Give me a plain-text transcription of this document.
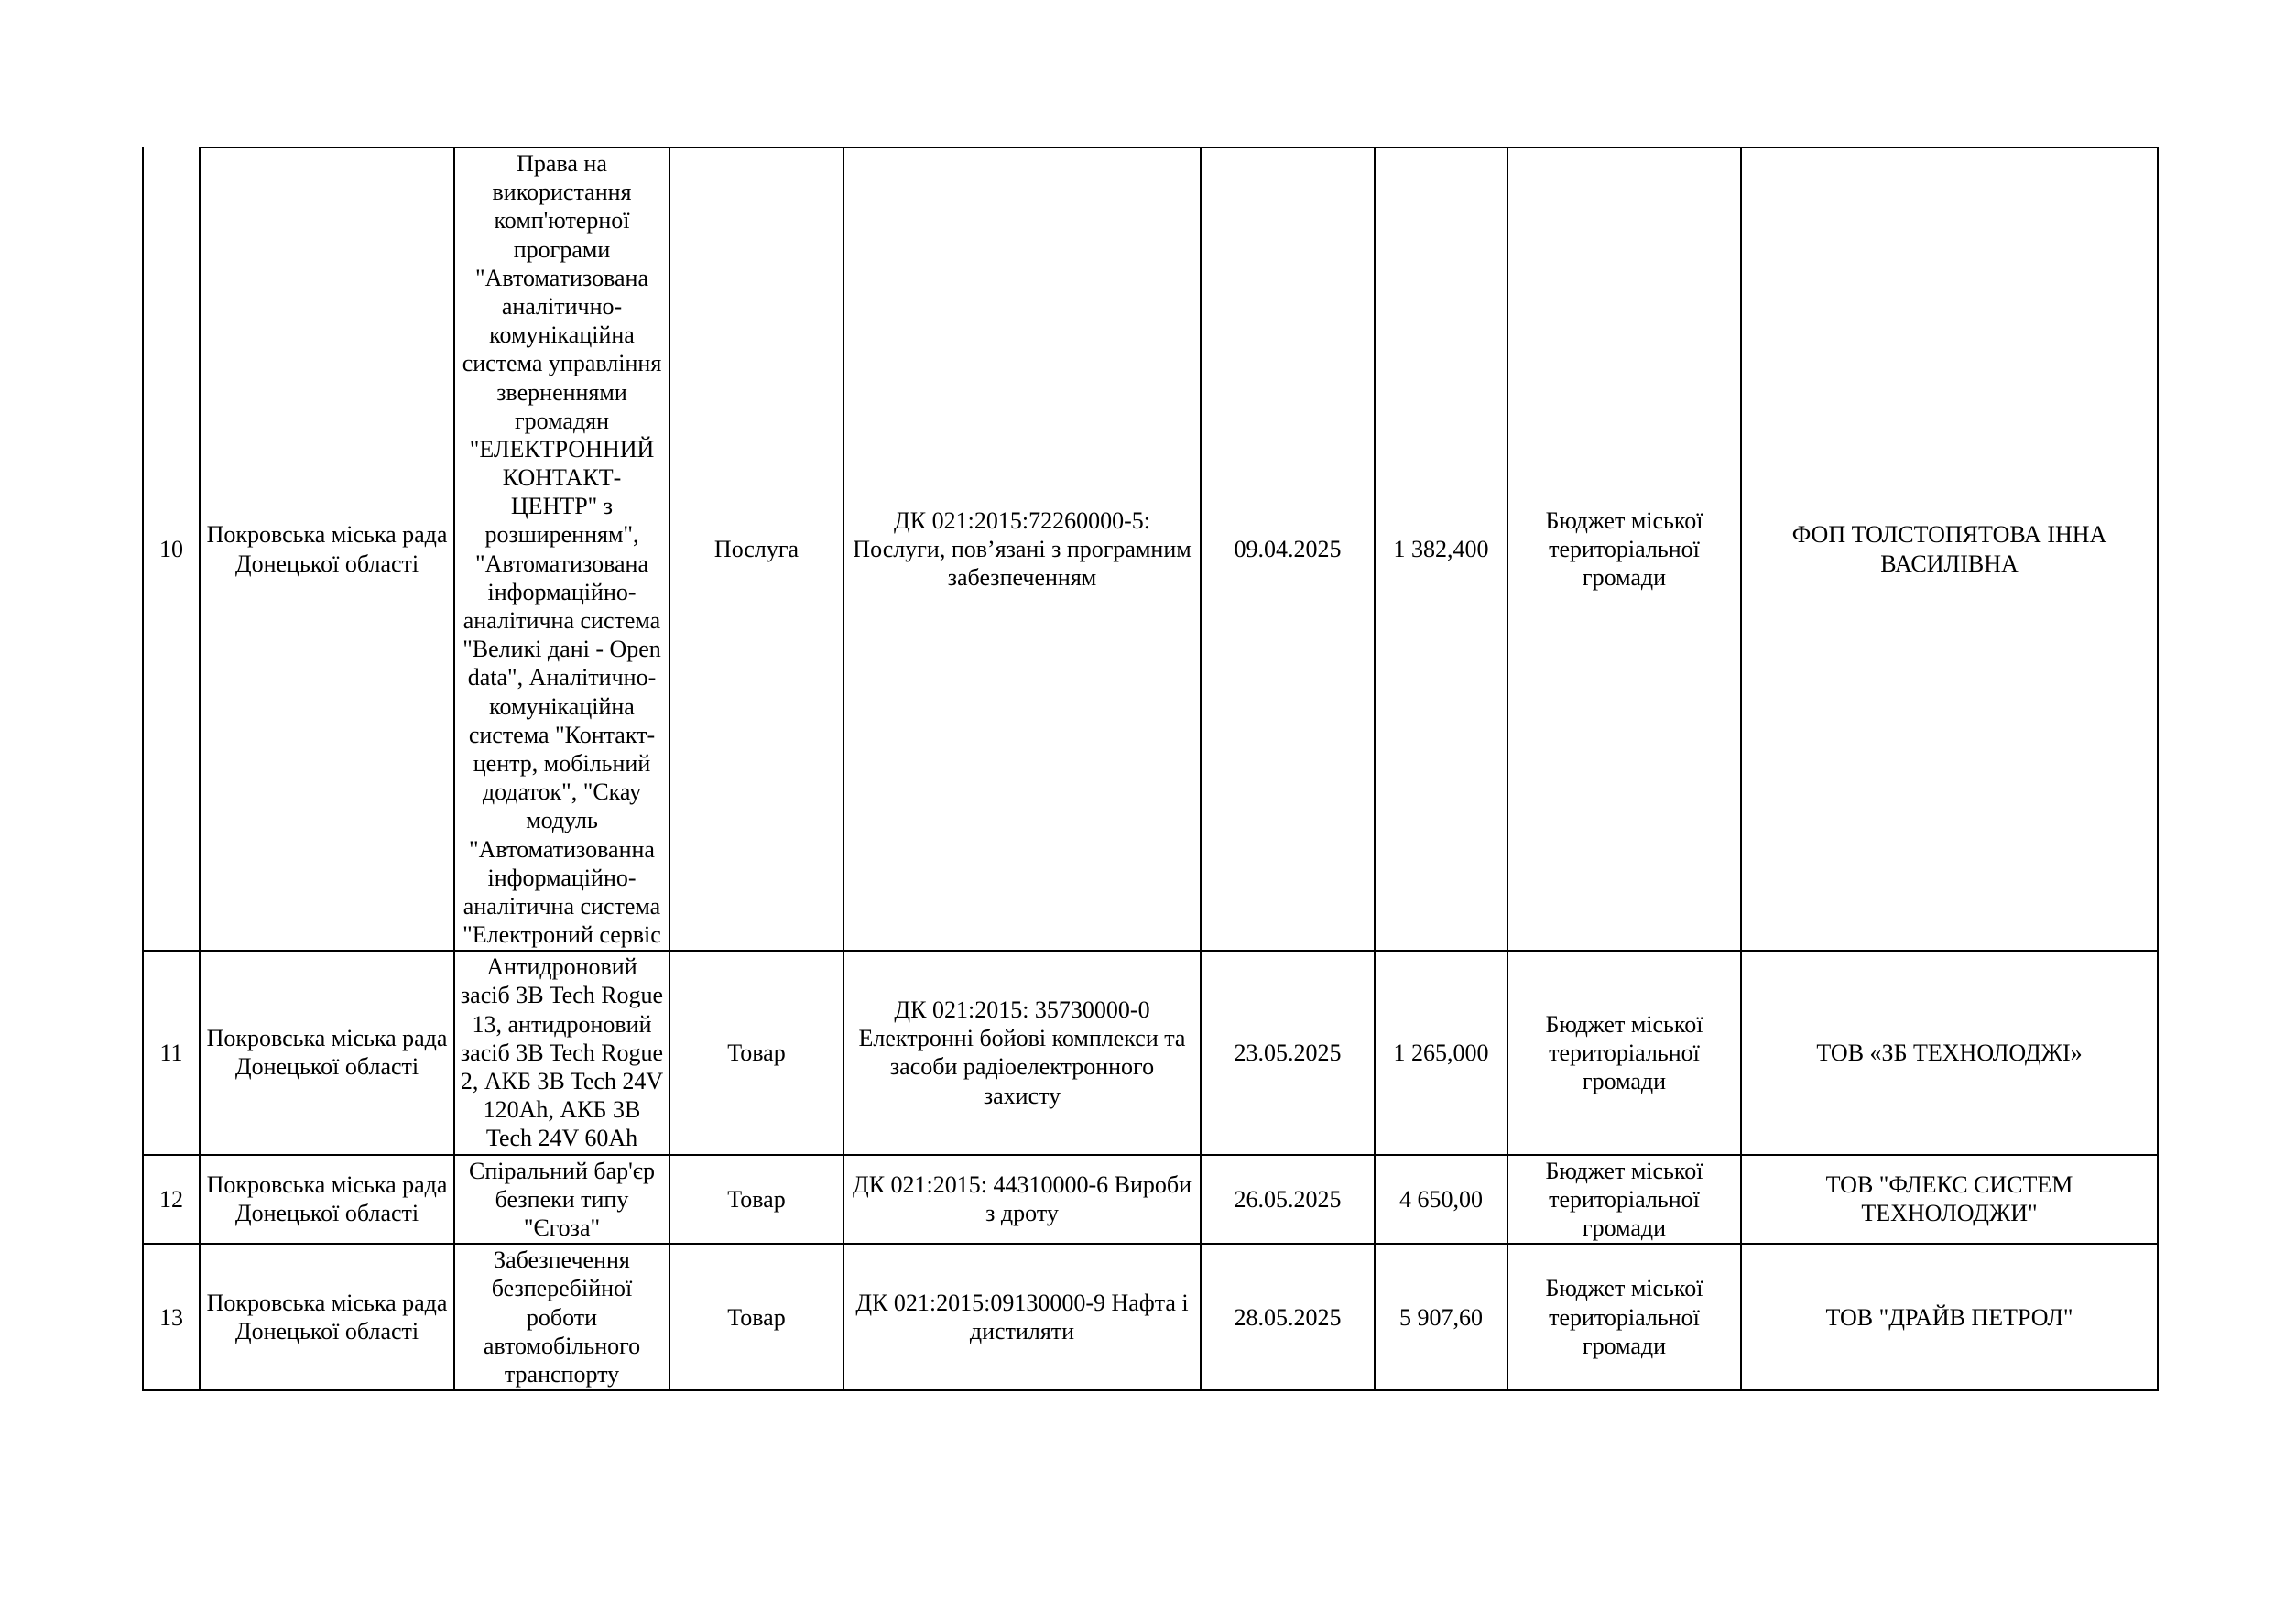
10	Покровська міська рада Донецької області	Права на використання комп'ютерної програми "Автоматизована аналітично-комунікаційна система управління зверненнями громадян "ЕЛЕКТРОННИЙ КОНТАКТ-ЦЕНТР" з розширенням", "Автоматизована інформаційно-аналітична система "Великі дані - Open data", Аналітично-комунікаційна система "Контакт-центр, мобільний додаток", "Скау модуль "Автоматизованна інформаційно-аналітична система "Електроний сервіс	Послуга	ДК 021:2015:72260000-5: Послуги, пов’язані з програмним забезпеченням	09.04.2025	1 382,400	Бюджет міської територіальної громади	ФОП ТОЛСТОПЯТОВА ІННА ВАСИЛІВНА
11	Покровська міська рада Донецької області	Антидроновий засіб 3B Tech Rogue 13, антидроновий засіб 3B Tech Rogue 2, АКБ 3B Tech 24V 120Ah, АКБ 3B Tech 24V 60Ah	Товар	ДК 021:2015: 35730000-0 Електронні бойові комплекси та засоби радіоелектронного захисту	23.05.2025	1 265,000	Бюджет міської територіальної громади	ТОВ «ЗБ ТЕХНОЛОДЖІ»
12	Покровська міська рада Донецької області	Спіральний бар'єр безпеки типу "Єгоза"	Товар	ДК 021:2015: 44310000-6 Вироби з дроту	26.05.2025	4 650,00	Бюджет міської територіальної громади	ТОВ "ФЛЕКС СИСТЕМ ТЕХНОЛОДЖИ"
13	Покровська міська рада Донецької області	Забезпечення безперебійної роботи автомобільного транспорту	Товар	ДК 021:2015:09130000-9 Нафта і дистиляти	28.05.2025	5 907,60	Бюджет міської територіальної громади	ТОВ "ДРАЙВ ПЕТРОЛ"
